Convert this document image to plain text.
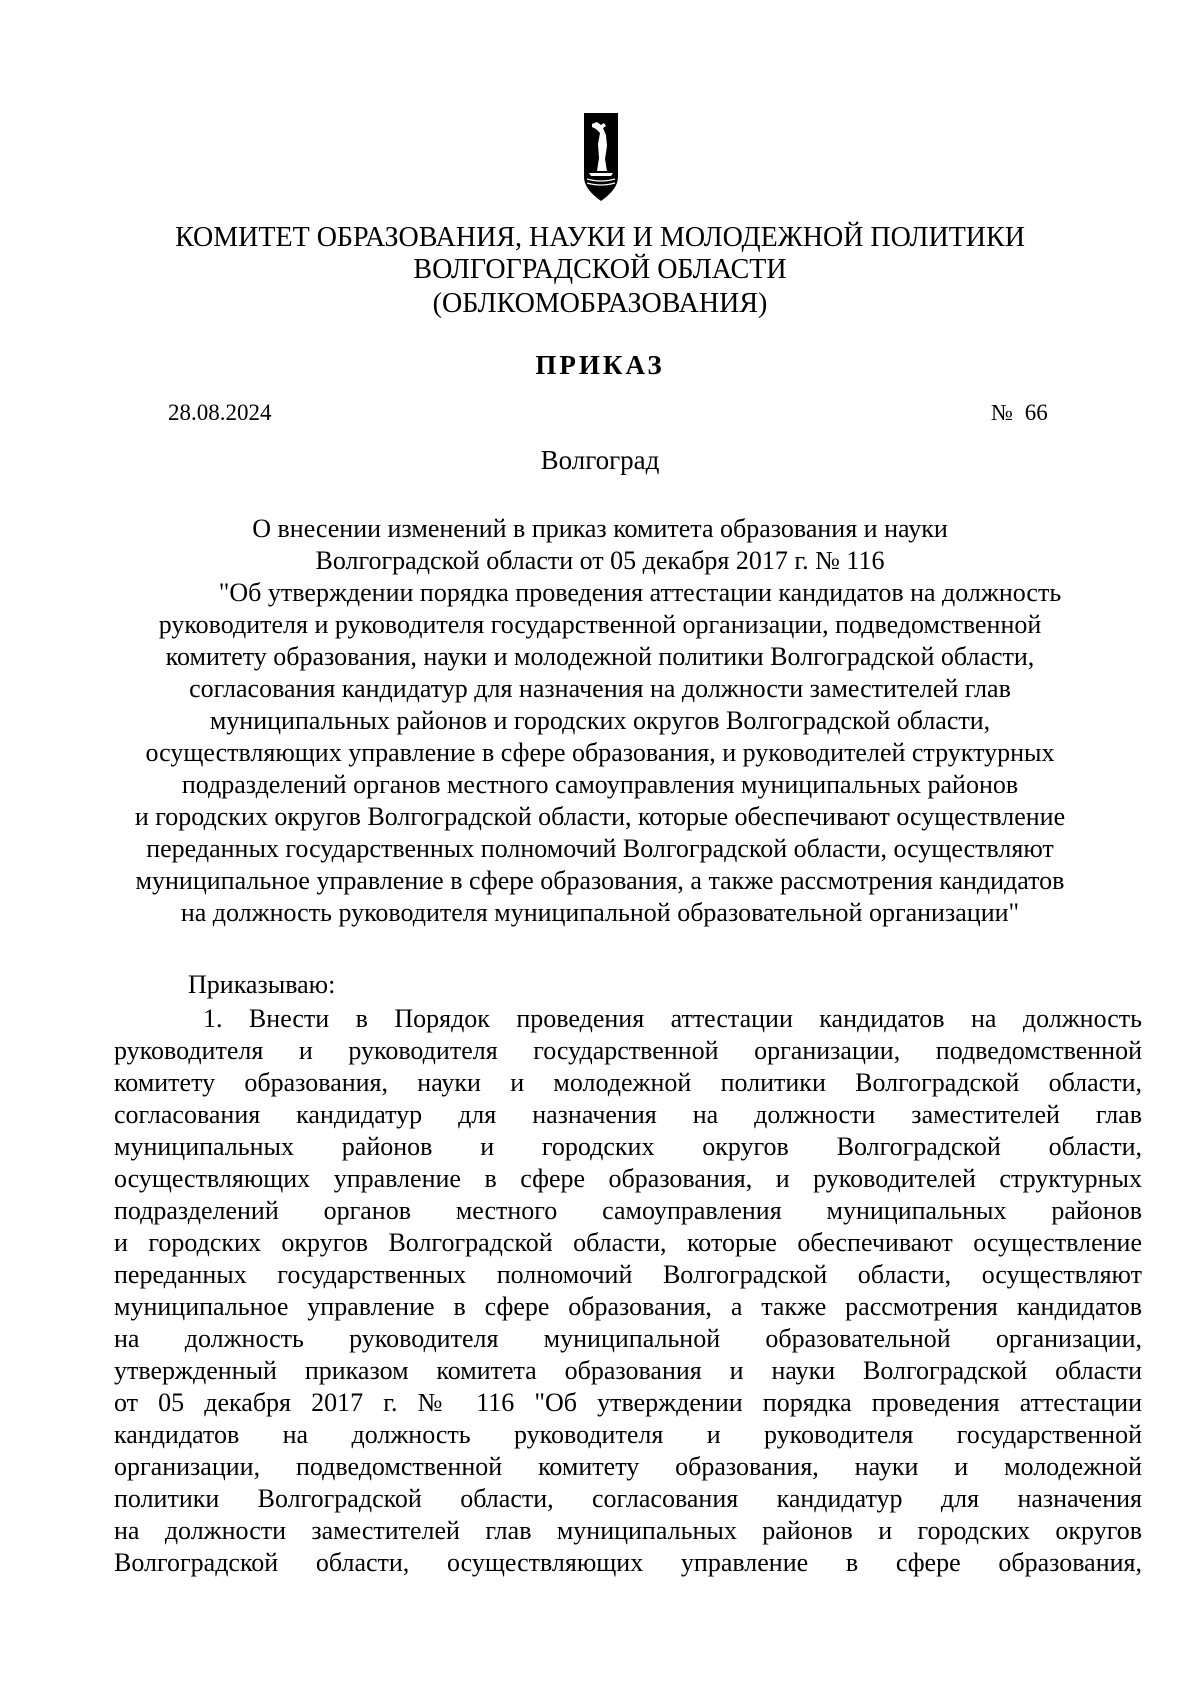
КОМИТЕТ ОБРАЗОВАНИЯ, НАУКИ И МОЛОДЕЖНОЙ ПОЛИТИКИ
ВОЛГОГРАДСКОЙ ОБЛАСТИ
(ОБЛКОМОБРАЗОВАНИЯ)
ПРИКАЗ
28.08.2024	№ 66
Волгоград
О внесении изменений в приказ комитета образования и науки
Волгоградской области от 05 декабря 2017 г. № 116
"Об утверждении порядка проведения аттестации кандидатов на должность
руководителя и руководителя государственной организации, подведомственной
комитету образования, науки и молодежной политики Волгоградской области,
согласования кандидатур для назначения на должности заместителей глав
муниципальных районов и городских округов Волгоградской области,
осуществляющих управление в сфере образования, и руководителей структурных
подразделений органов местного самоуправления муниципальных районов
и городских округов Волгоградской области, которые обеспечивают осуществление
переданных государственных полномочий Волгоградской области, осуществляют
муниципальное управление в сфере образования, а также рассмотрения кандидатов
на должность руководителя муниципальной образовательной организации"
Приказываю:
1. Внести в Порядок проведения аттестации кандидатов на должность
руководителя и руководителя государственной организации, подведомственной
комитету образования, науки и молодежной политики Волгоградской области,
согласования кандидатур для назначения на должности заместителей глав
муниципальных районов и городских округов Волгоградской области,
осуществляющих управление в сфере образования, и руководителей структурных
подразделений органов местного самоуправления муниципальных районов
и городских округов Волгоградской области, которые обеспечивают осуществление
переданных государственных полномочий Волгоградской области, осуществляют
муниципальное управление в сфере образования, а также рассмотрения кандидатов
на должность руководителя муниципальной образовательной организации,
утвержденный приказом комитета образования и науки Волгоградской области
от 05 декабря 2017 г. № 116 "Об утверждении порядка проведения аттестации
кандидатов на должность руководителя и руководителя государственной
организации, подведомственной комитету образования, науки и молодежной
политики Волгоградской области, согласования кандидатур для назначения
на должности заместителей глав муниципальных районов и городских округов
Волгоградской области, осуществляющих управление в сфере образования,
